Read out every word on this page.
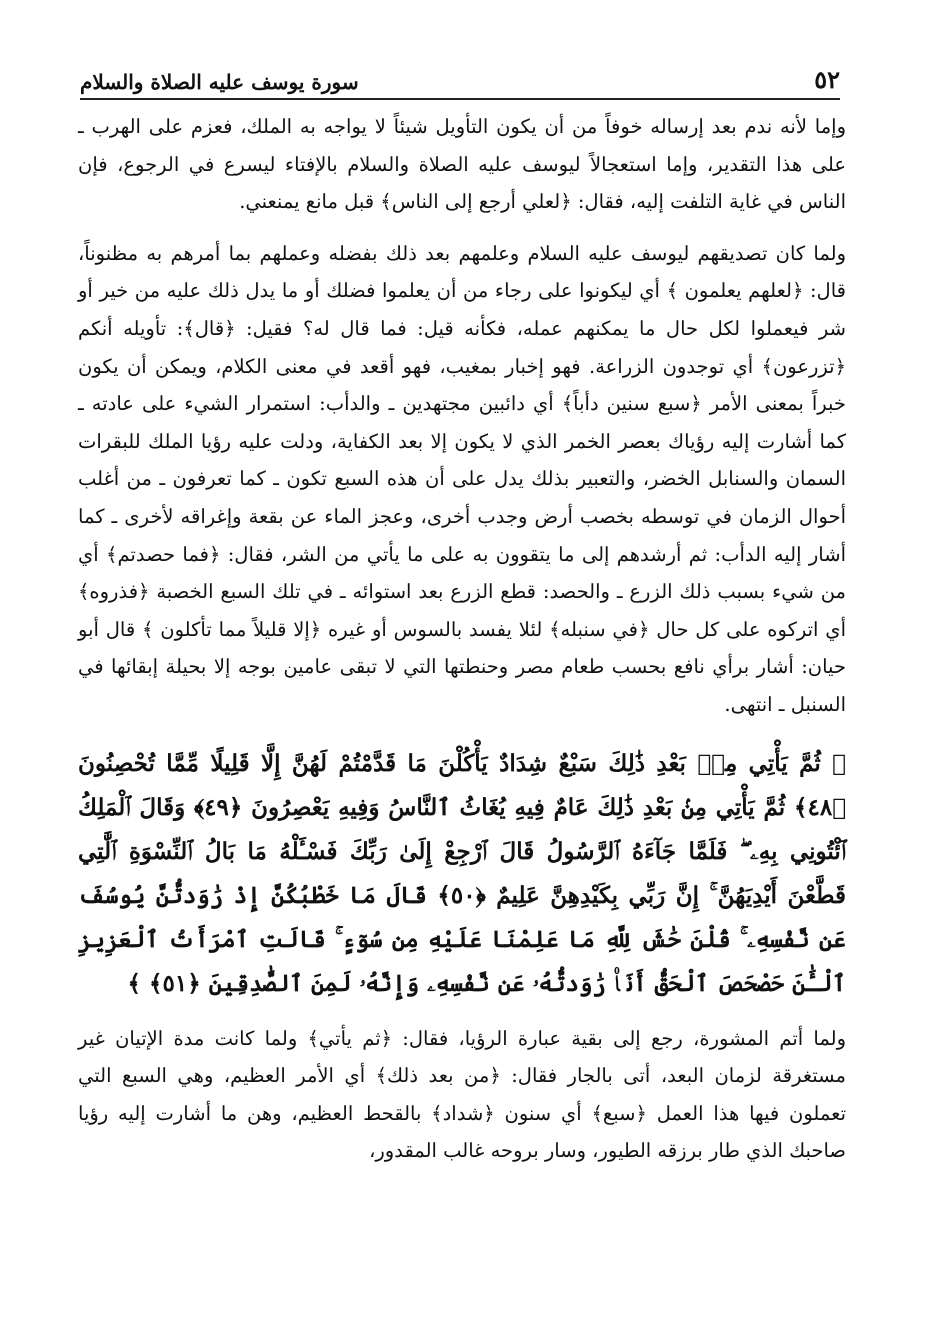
٥٢
سورة يوسف عليه الصلاة والسلام

وإما لأنه ندم بعد إرساله خوفاً من أن يكون التأويل شيئاً لا يواجه به الملك، فعزم على الهرب ـ على هذا التقدير، وإما استعجالاً ليوسف عليه الصلاة والسلام بالإفتاء ليسرع في الرجوع، فإن الناس في غاية التلفت إليه، فقال: ﴿لعلي أرجع إلى الناس﴾ قبل مانع يمنعني.

ولما كان تصديقهم ليوسف عليه السلام وعلمهم بعد ذلك بفضله وعملهم بما أمرهم به مظنوناً، قال: ﴿لعلهم يعلمون ﴾ أي ليكونوا على رجاء من أن يعلموا فضلك أو ما يدل ذلك عليه من خير أو شر فيعملوا لكل حال ما يمكنهم عمله، فكأنه قيل: فما قال له؟ فقيل: ﴿قال﴾: تأويله أنكم ﴿تزرعون﴾ أي توجدون الزراعة. فهو إخبار بمغيب، فهو أقعد في معنى الكلام، ويمكن أن يكون خبراً بمعنى الأمر ﴿سبع سنين دأباً﴾ أي دائبين مجتهدين ـ والدأب: استمرار الشيء على عادته ـ كما أشارت إليه رؤياك بعصر الخمر الذي لا يكون إلا بعد الكفاية، ودلت عليه رؤيا الملك للبقرات السمان والسنابل الخضر، والتعبير بذلك يدل على أن هذه السبع تكون ـ كما تعرفون ـ من أغلب أحوال الزمان في توسطه بخصب أرض وجدب أخرى، وعجز الماء عن بقعة وإغراقه لأخرى ـ كما أشار إليه الدأب: ثم أرشدهم إلى ما يتقوون به على ما يأتي من الشر، فقال: ﴿فما حصدتم﴾ أي من شيء بسبب ذلك الزرع ـ والحصد: قطع الزرع بعد استوائه ـ في تلك السبع الخصبة ﴿فذروه﴾ أي اتركوه على كل حال ﴿في سنبله﴾ لئلا يفسد بالسوس أو غيره ﴿إلا قليلاً مما تأكلون ﴾ قال أبو حيان: أشار برأي نافع بحسب طعام مصر وحنطتها التي لا تبقى عامين بوجه إلا بحيلة إبقائها في السنبل ـ انتهى.

﴿ ثُمَّ يَأْتِي مِنۢ بَعْدِ ذَٰلِكَ سَبْعٌ شِدَادٌ يَأْكُلْنَ مَا قَدَّمْتُمْ لَهُنَّ إِلَّا قَلِيلًا مِّمَّا تُحْصِنُونَ ﴿٤٨﴾ ثُمَّ يَأْتِي مِنۢ بَعْدِ ذَٰلِكَ عَامٌ فِيهِ يُغَاثُ ٱلنَّاسُ وَفِيهِ يَعْصِرُونَ ﴿٤٩﴾ وَقَالَ ٱلْمَلِكُ ٱئْتُونِي بِهِۦ ۖ فَلَمَّا جَآءَهُ ٱلرَّسُولُ قَالَ ٱرْجِعْ إِلَىٰ رَبِّكَ فَسْـَٔلْهُ مَا بَالُ ٱلنِّسْوَةِ ٱلَّٰتِي قَطَّعْنَ أَيْدِيَهُنَّ ۚ إِنَّ رَبِّي بِكَيْدِهِنَّ عَلِيمٌ ﴿٥٠﴾ قَالَ مَا خَطْبُكُنَّ إِذْ رَٰوَدتُّنَّ يُوسُفَ عَن نَّفْسِهِۦ ۚ قُلْنَ حَٰشَ لِلَّهِ مَا عَلِمْنَا عَلَيْهِ مِن سُوٓءٍ ۚ قَالَتِ ٱمْرَأَتُ ٱلْعَزِيزِ ٱلْـَٰٔنَ حَصْحَصَ ٱلْحَقُّ أَنَا۠ رَٰوَدتُّهُۥ عَن نَّفْسِهِۦ وَإِنَّهُۥ لَمِنَ ٱلصَّٰدِقِينَ ﴿٥١﴾ ﴾

ولما أتم المشورة، رجع إلى بقية عبارة الرؤيا، فقال: ﴿ثم يأتي﴾ ولما كانت مدة الإتيان غير مستغرقة لزمان البعد، أتى بالجار فقال: ﴿من بعد ذلك﴾ أي الأمر العظيم، وهي السبع التي تعملون فيها هذا العمل ﴿سبع﴾ أي سنون ﴿شداد﴾ بالقحط العظيم، وهن ما أشارت إليه رؤيا صاحبك الذي طار برزقه الطيور، وسار بروحه غالب المقدور،
